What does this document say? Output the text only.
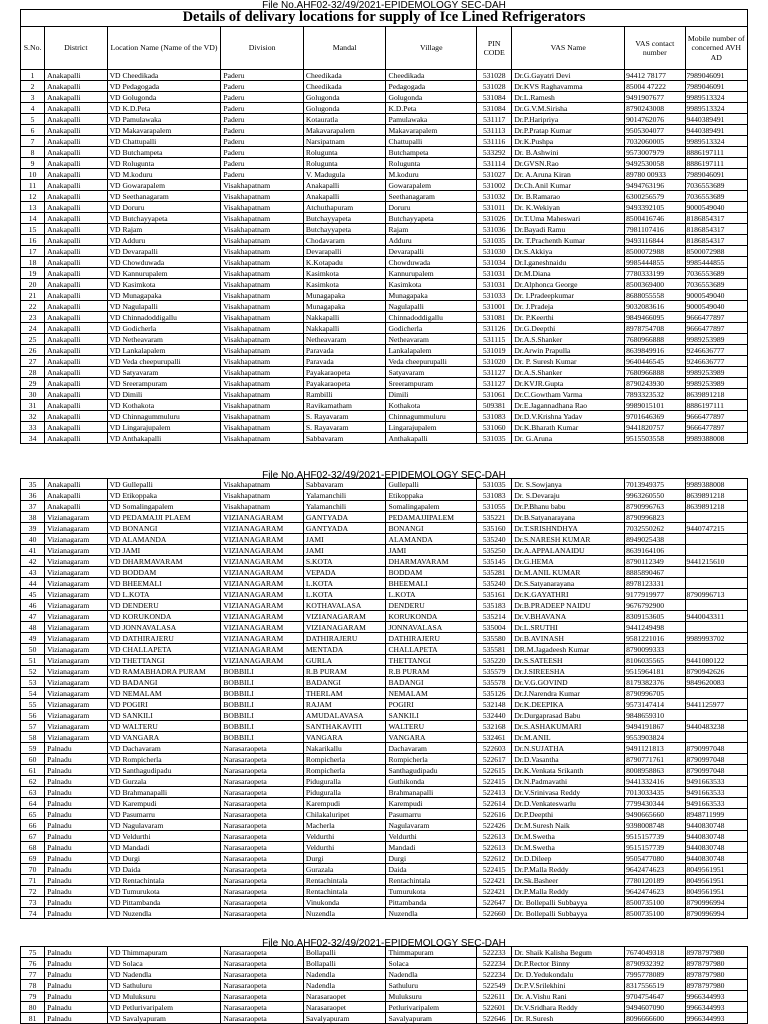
File No.AHF02-32/49/2021-EPIDEMOLOGY SEC-DAH
Details of delivary locations for supply of Ice Lined Refrigerators
S.No.	District	Location Name (Name of the VD)	Division	Mandal	Village	PIN CODE	VAS Name	VAS contact number	Mobile number of concerned AVH AD
1	Anakapalli	VD Cheedikada	Paderu	Cheedikada	Cheedikada	531028	Dr.G.Gayatri Devi	94412 78177	7989046091
2	Anakapalli	VD Pedagogada	Paderu	Cheedikada	Pedagogada	531028	Dr.KVS Raghavamma	85004 47222	7989046091
3	Anakapalli	VD Golugonda	Paderu	Golugonda	Golugonda	531084	Dr.L.Ramesh	9491907677	9989513324
4	Anakapalli	VD K.D.Peta	Paderu	Golugonda	K.D.Peta	531084	Dr.G.V.M.Sirisha	8790243008	9989513324
5	Anakapalli	VD Pamulawaka	Paderu	Kotauratla	Pamulawaka	531117	Dr.P.Haripriya	9014762076	9440389491
6	Anakapalli	VD Makavarapalem	Paderu	Makavarapalem	Makavarapalem	531113	Dr.P.Pratap Kumar	9505304077	9440389491
7	Anakapalli	VD Chattupalli	Paderu	Narsipatnam	Chattupalli	531116	Dr.K.Pushpa	7032060005	9989513324
8	Anakapalli	VD Butchampeta	Paderu	Rolugunta	Butchampeta	533292	Dr. B.Ashwini	9573007979	8886197111
9	Anakapalli	VD Rolugunta	Paderu	Rolugunta	Rolugunta	531114	Dr.GVSN.Rao	9492530058	8886197111
10	Anakapalli	VD M.koduru	Paderu	V. Madugula	M.koduru	531027	Dr. A.Aruna Kiran	89780 00933	7989046091
11	Anakapalli	VD Gowarapalem	Visakhapatnam	Anakapalli	Gowarapalem	531002	Dr.Ch.Anil Kumar	9494763196	7036553689
12	Anakapalli	VD Seethanagaram	Visakhapatnam	Anakapalli	Seethanagaram	531032	Dr. B.Ramarao	6300256579	7036553689
13	Anakapalli	VD Doruru	Visakhapatnam	Atchuthapuram	Doruru	531011	Dr. K.Wekiyan	9493392105	9000549040
14	Anakapalli	VD Butchayyapeta	Visakhapatnam	Butchayyapeta	Butchayyapeta	531026	Dr.T.Uma Maheswari	8500416746	8186854317
15	Anakapalli	VD Rajam	Visakhapatnam	Butchayyapeta	Rajam	531036	Dr.Bayadi Ramu	7981107416	8186854317
16	Anakapalli	VD Adduru	Visakhapatnam	Chodavaram	Adduru	531035	Dr. T.Prachenth Kumar	9493116844	8186854317
17	Anakapalli	VD Devarapalli	Visakhapatnam	Devarapalli	Devarapalli	531030	Dr.S.Akkiya	8500072988	8500072988
18	Anakapalli	VD Chowduwada	Visakhapatnam	K.Kotapadu	Chowduwada	531034	Dr.I.ganeshnaidu	9985444855	9985444855
19	Anakapalli	VD Kannurupalem	Visakhapatnam	Kasimkota	Kannurupalem	531031	Dr.M.Diana	7780333199	7036553689
20	Anakapalli	VD Kasimkota	Visakhapatnam	Kasimkota	Kasimkota	531031	Dr.Alphonca George	8500369400	7036553689
21	Anakapalli	VD Munagapaka	Visakhapatnam	Munagapaka	Munagapaka	531033	Dr. I.Pradeepkumar	8688055558	9000549040
22	Anakapalli	VD Nagulapalli	Visakhapatnam	Munagapaka	Nagulapalli	531001	Dr. J.Pradeja	9032083616	9000549040
23	Anakapalli	VD Chinnadoddigallu	Visakhapatnam	Nakkapalli	Chinnadoddigallu	531081	Dr. P.Keerthi	9849466095	9666477897
24	Anakapalli	VD Godicherla	Visakhapatnam	Nakkapalli	Godicherla	531126	Dr.G.Deepthi	8978754708	9666477897
25	Anakapalli	VD Netheavaram	Visakhapatnam	Netheavaram	Netheavaram	531115	Dr.A.S.Shanker	7680966888	9989253989
26	Anakapalli	VD Lankalapalem	Visakhapatnam	Paravada	Lankalapalem	531019	Dr.Arwin Prapulla	8639849916	9246636777
27	Anakapalli	VD Veda cheepurupalli	Visakhapatnam	Paravada	Veda cheepurupalli	531020	Dr. P. Suresh Kumar	9640446545	9246636777
28	Anakapalli	VD Satyavaram	Visakhapatnam	Payakaraopeta	Satyavaram	531127	Dr.A.S.Shanker	7680966888	9989253989
29	Anakapalli	VD Sreerampuram	Visakhapatnam	Payakaraopeta	Sreerampuram	531127	Dr.KVJR.Gupta	8790243930	9989253989
30	Anakapalli	VD Dimili	Visakhapatnam	Rambilli	Dimili	531061	Dr.C.Gowtham Varma	7893323532	8639891218
31	Anakapalli	VD Kothakota	Visakhapatnam	Ravikamatham	Kothakota	509381	Dr.E.Jagannadhana Rao	9989015101	8886197111
32	Anakapalli	VD Chinnagummuluru	Visakhapatnam	S. Rayavaram	Chinnagummuluru	531083	Dr.D.V.Krishna Yadav	9701646369	9666477897
33	Anakapalli	VD Lingarajupalem	Visakhapatnam	S. Rayavaram	Lingarajupalem	531060	Dr.K.Bharath Kumar	9441820757	9666477897
34	Anakapalli	VD Anthakapalli	Visakhapatnam	Sabbavaram	Anthakapalli	531035	Dr. G.Aruna	9515503558	9989388008
File No.AHF02-32/49/2021-EPIDEMOLOGY SEC-DAH
35	Anakapalli	VD Gullepalli	Visakhapatnam	Sabbavaram	Gullepalli	531035	Dr. S.Sowjanya	7013949375	9989388008
36	Anakapalli	VD Etikoppaka	Visakhapatnam	Yalamanchili	Etikoppaka	531083	Dr. S.Devaraju	9963260550	8639891218
37	Anakapalli	VD Somalingapalem	Visakhapatnam	Yalamanchili	Somalingapalem	531055	Dr.P.Bhanu babu	8790996763	8639891218
38	Vizianagaram	VD PEDAMAJJI PLAEM	VIZIANAGARAM	GANTYADA	PEDAMAJJIPALEM	535221	Dr.B.Satyanarayana	8790996823	
39	Vizianagaram	VD BONANGI	VIZIANAGARAM	GANTYADA	BONANGI	535160	Dr.T.SRISHNDHYA	7032550262	9440747215
40	Vizianagaram	VD ALAMANDA	VIZIANAGARAM	JAMI	ALAMANDA	535240	Dr.S.NARESH KUMAR	8949025438	
41	Vizianagaram	VD JAMI	VIZIANAGARAM	JAMI	JAMI	535250	Dr.A.APPALANAIDU	8639164106	
42	Vizianagaram	VD DHARMAVARAM	VIZIANAGARAM	S.KOTA	DHARMAVARAM	535145	Dr.G.HEMA	8790112349	9441215610
43	Vizianagaram	VD BODDAM	VIZIANAGARAM	VEPADA	BODDAM	535281	Dr.M.ANIL KUMAR	8885890467	
44	Vizianagaram	VD BHEEMALI	VIZIANAGARAM	L.KOTA	BHEEMALI	535240	Dr.S.Satyanarayana	8978123331	
45	Vizianagaram	VD L.KOTA	VIZIANAGARAM	L.KOTA	L.KOTA	535161	Dr.K.GAYATHRI	9177919977	8790996713
46	Vizianagaram	VD DENDERU	VIZIANAGARAM	KOTHAVALASA	DENDERU	535183	Dr.B.PRADEEP NAIDU	9676792900	
47	Vizianagaram	VD KORUKONDA	VIZIANAGARAM	VIZIANAGARAM	KORUKONDA	535214	Dr.V.BHAVANA	8309153605	9440043311
48	Vizianagaram	VD JONNAVALASA	VIZIANAGARAM	VIZIANAGARAM	JONNAVALASA	535004	Dr.L.SRUTHI	9441249498	
49	Vizianagaram	VD DATHIRAJERU	VIZIANAGARAM	DATHIRAJERU	DATHIRAJERU	535580	Dr.B.AVINASH	9581221016	9989993702
50	Vizianagaram	VD CHALLAPETA	VIZIANAGARAM	MENTADA	CHALLAPETA	535581	DR.M.Jagadeesh Kumar	8790099333	
51	Vizianagaram	VD THETTANGI	VIZIANAGARAM	GURLA	THETTANGI	535220	Dr.S.SATEESH	8106035565	9441080122
52	Vizianagaram	VD RAMABHADRA PURAM	BOBBILI	R.B PURAM	R.B PURAM	535579	Dr.J.SIREESHA	9515964181	8790942626
53	Vizianagaram	VD BADANGI	BOBBILI	BADANGI	BADANGI	535578	Dr.V.G.GOVIND	8179382376	9849620083
54	Vizianagaram	VD NEMALAM	BOBBILI	THERLAM	NEMALAM	535126	Dr.J.Narendra Kumar	8790996705	
55	Vizianagaram	VD POGIRI	BOBBILI	RAJAM	POGIRI	532148	Dr.K.DEEPIKA	9573147414	9441125977
56	Vizianagaram	VD SANKILI	BOBBILI	AMUDALAVASA	SANKILI	532440	Dr.Durgaprasad Babu	9848659310	
57	Vizianagaram	VD WALTERU	BOBBILI	SANTHAKAVITI	WALTERU	532168	Dr.S.ASHAKUMARI	9494191867	9440483238
58	Vizianagaram	VD VANGARA	BOBBILI	VANGARA	VANGARA	532461	Dr.M.ANIL	9553903824	
59	Palnadu	VD Dachavaram	Narasaraopeta	Nakarikallu	Dachavaram	522603	Dr.N.SUJATHA	9491121813	8790997048
60	Palnadu	VD Rompicherla	Narasaraopeta	Rompicherla	Rompicherla	522617	Dr.D.Vasantha	8790771761	8790997048
61	Palnadu	VD Santhagudipadu	Narasaraopeta	Rompicherla	Santhagudipadu	522615	Dr.K.Venkata Srikanth	8008958863	8790997048
62	Palnadu	VD Gurzala	Narasaraopeta	Piduguralla	Guthikonda	522415	Dr.N.Padmavathi	9441332416	9491663533
63	Palnadu	VD Brahmanapalli	Narasaraopeta	Piduguralla	Brahmanapalli	522413	Dr.V.Srinivasa Reddy	7013033435	9491663533
64	Palnadu	VD Karempudi	Narasaraopeta	Karempudi	Karempudi	522614	Dr.D.Venkateswarlu	7799430344	9491663533
65	Palnadu	VD Pasumarru	Narasaraopeta	Chilakaluripet	Pasumarru	522616	Dr.P.Deepthi	9490665660	8948711999
66	Palnadu	VD Nagulavaram	Narasaraopeta	Macherla	Nagulavaram	522426	Dr.M.Suresh Naik	9398008748	9440830748
67	Palnadu	VD Veldurthi	Narasaraopeta	Veldurthi	Veldurthi	522613	Dr.M.Swetha	9515157739	9440830748
68	Palnadu	VD Mandadi	Narasaraopeta	Veldurthi	Mandadi	522613	Dr.M.Swetha	9515157739	9440830748
69	Palnadu	VD Durgi	Narasaraopeta	Durgi	Durgi	522612	Dr.D.Dileep	9505477080	9440830748
70	Palnadu	VD Daida	Narasaraopeta	Gurazala	Daida	522415	Dr.P.Malla Reddy	9642474623	8049561951
71	Palnadu	VD Rentachintala	Narasaraopeta	Rentachintala	Rentachintala	522421	Dr.Sk.Basheer	7780120189	8049561951
72	Palnadu	VD Tumurukota	Narasaraopeta	Rentachintala	Tumurukota	522421	Dr.P.Malla Reddy	9642474623	8049561951
73	Palnadu	VD Pittambanda	Narasaraopeta	Vinukonda	Pittambanda	522647	Dr. Bollepalli Subbayya	8500735100	8790996994
74	Palnadu	VD Nuzendla	Narasaraopeta	Nuzendla	Nuzendla	522660	Dr. Bollepalli Subbayya	8500735100	8790996994
File No.AHF02-32/49/2021-EPIDEMOLOGY SEC-DAH
75	Palnadu	VD Thimmapuram	Narasaraopeta	Bollapalli	Thimmapuram	522233	Dr. Shaik Kalisha Begum	7674049318	8978797980
76	Palnadu	VD Solaca	Narasaraopeta	Bollapalli	Solaca	522234	Dr.P.Rector Binny	8790932392	8978797980
77	Palnadu	VD Nadendla	Narasaraopeta	Nadendla	Nadendla	522234	Dr. D.Yedukondalu	7995778089	8978797980
78	Palnadu	VD Sathuluru	Narasaraopeta	Nadendla	Sathuluru	522549	Dr.P.V.Srilekhini	8317556519	8978797980
79	Palnadu	VD Muluksuru	Narasaraopeta	Narasaraopet	Muluksuru	522611	Dr. A.Vishu Rani	9704754647	9966344993
80	Palnadu	VD Petlurivaripalem	Narasaraopeta	Narasaraopet	Petlurivaripalem	522601	Dr.V.Sridhara Reddy	9494607090	9966344993
81	Palnadu	VD Savalyapuram	Narasaraopeta	Savalyapuram	Savalyapuram	522646	Dr. R.Suresh	8096666600	9966344993
